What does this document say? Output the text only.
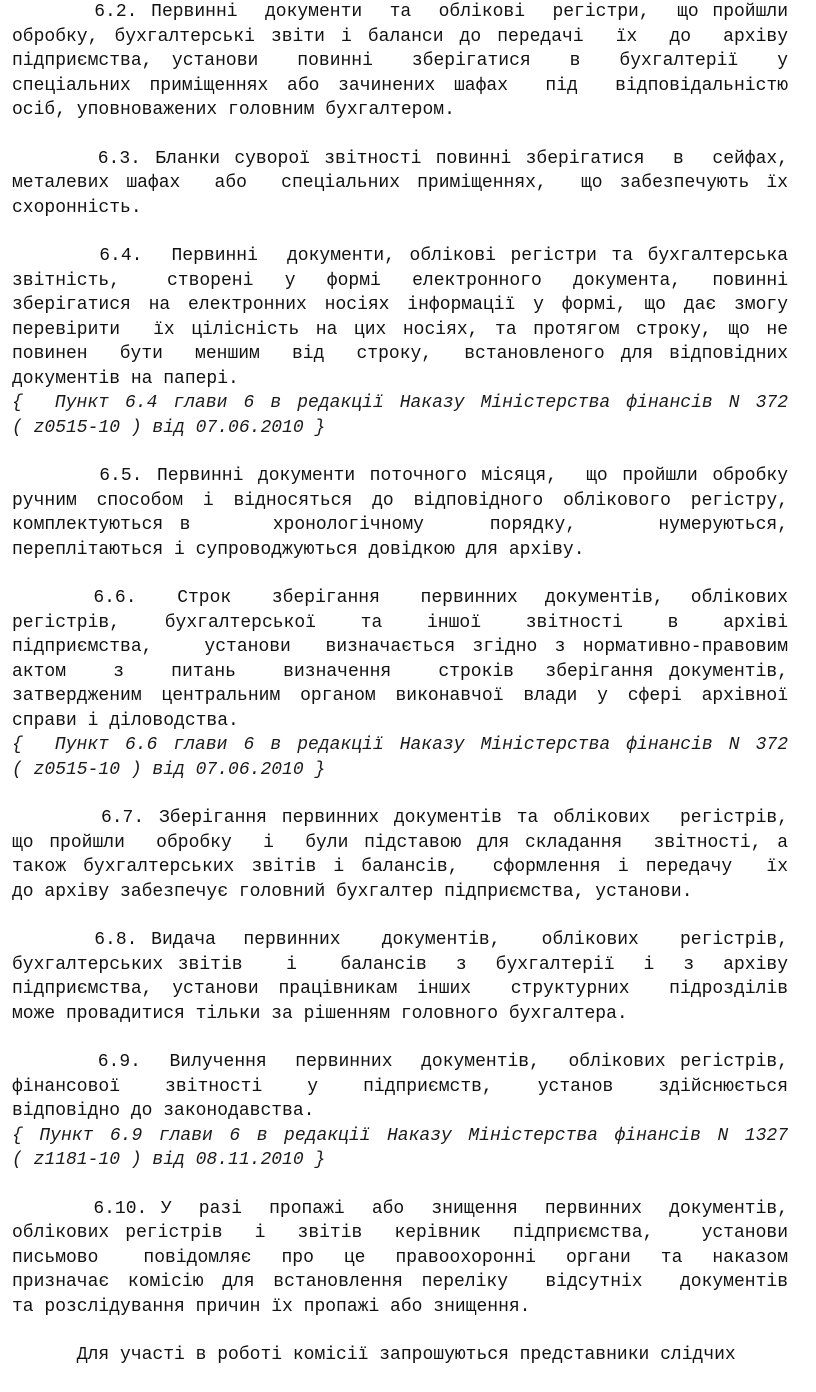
6.2. Первинні  документи  та  облікові  регістри,  що пройшли
обробку, бухгалтерські звіти і баланси до передачі  їх  до  архіву
підприємства, установи  повинні  зберігатися  в  бухгалтерії  у
спеціальних приміщеннях або зачинених шафах  під  відповідальністю
осіб, уповноважених головним бухгалтером.

6.3. Бланки суворої звітності повинні зберігатися  в  сейфах,
металевих шафах  або  спеціальних приміщеннях,  що забезпечують їх
схоронність.

6.4.  Первинні  документи, облікові регістри та бухгалтерська
звітність,   створені  у  формі  електронного  документа,  повинні
зберігатися на електронних носіях інформації у формі, що дає змогу
перевірити  їх цілісність на цих носіях, та протягом строку, що не
повинен  бути  меншим  від  строку,  встановленого для відповідних
документів на папері.

{  Пункт 6.4 глави 6 в редакції Наказу Міністерства фінансів N 372
( z0515-10 ) від 07.06.2010 }

6.5. Первинні документи поточного місяця,  що пройшли обробку
ручним способом і відносяться до відповідного облікового регістру,
комплектуються в     хронологічному    порядку,     нумеруються,
переплітаються і супроводжуються довідкою для архіву.

6.6.   Строк   зберігання   первинних  документів,  облікових
регістрів,   бухгалтерської   та   іншої   звітності   в   архіві
підприємства,   установи  визначається згідно з нормативно-правовим
актом   з   питань   визначення   строків  зберігання документів,
затвердженим центральним органом виконавчої влади у сфері архівної
справи і діловодства.

{  Пункт 6.6 глави 6 в редакції Наказу Міністерства фінансів N 372
( z0515-10 ) від 07.06.2010 }

6.7. Зберігання первинних документів та облікових  регістрів,
що пройшли  обробку  і  були підставою для складання  звітності, а
також бухгалтерських звітів і балансів,  сформлення і передачу  їх
до архіву забезпечує головний бухгалтер підприємства, установи.

6.8. Видача  первинних   документів,   облікових   регістрів,
бухгалтерських звітів   і   балансів  з  бухгалтерії  і  з  архіву
підприємства, установи працівникам інших  структурних  підрозділів
може провадитися тільки за рішенням головного бухгалтера.

6.9.  Вилучення  первинних  документів,  облікових регістрів,
фінансової   звітності   у   підприємств,   установ   здійснюється
відповідно до законодавства.

{ Пункт 6.9 глави 6 в редакції Наказу Міністерства фінансів N 1327
( z1181-10 ) від 08.11.2010 }

6.10. У  разі  пропажі  або  знищення  первинних  документів,
облікових регістрів  і  звітів  керівник  підприємства,   установи
письмово   повідомляє  про  це  правоохоронні  органи  та  наказом
призначає комісію для встановлення переліку  відсутніх  документів
та розслідування причин їх пропажі або знищення.

Для участі в роботі комісії запрошуються представники слідчих
